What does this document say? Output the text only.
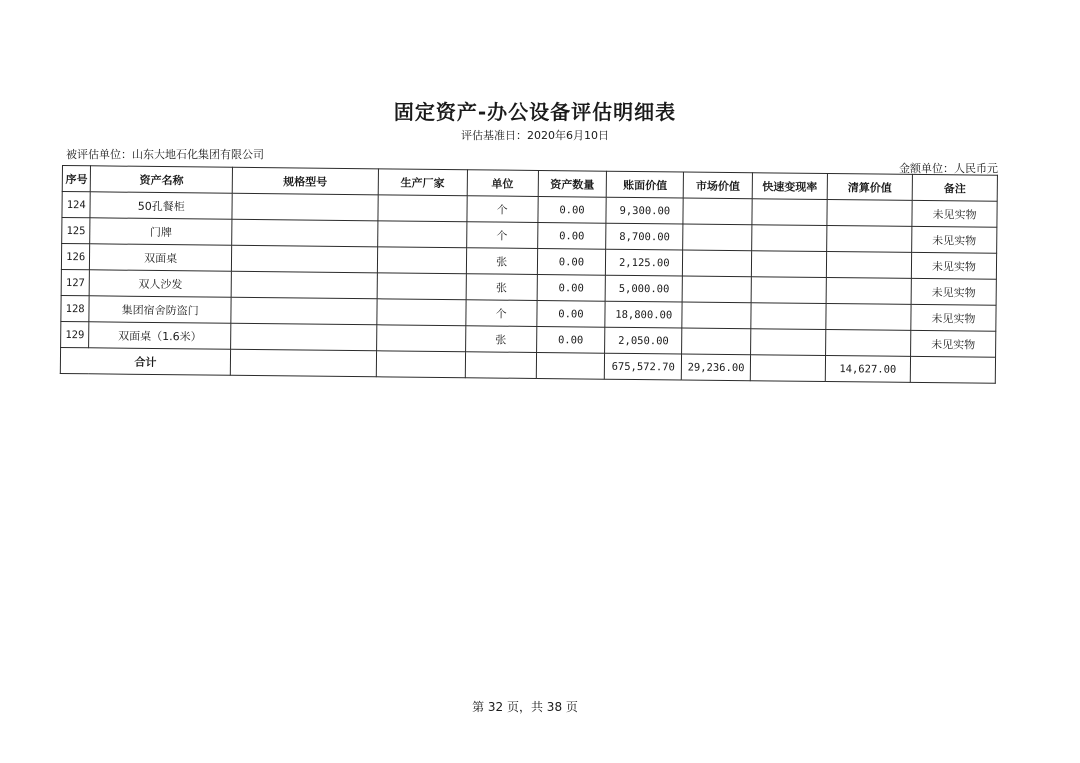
固定资产-办公设备评估明细表
评估基准日：2020年6月10日
被评估单位：山东大地石化集团有限公司
金额单位：人民币元
序号	资产名称	规格型号	生产厂家	单位	资产数量	账面价值	市场价值	快速变现率	清算价值	备注
124	50孔餐柜			个	0.00	9,300.00				未见实物
125	门牌			个	0.00	8,700.00				未见实物
126	双面桌			张	0.00	2,125.00				未见实物
127	双人沙发			张	0.00	5,000.00				未见实物
128	集团宿舍防盗门			个	0.00	18,800.00				未见实物
129	双面桌（1.6米）			张	0.00	2,050.00				未见实物
合计						675,572.70	29,236.00		14,627.00	
第 32 页，共 38 页
